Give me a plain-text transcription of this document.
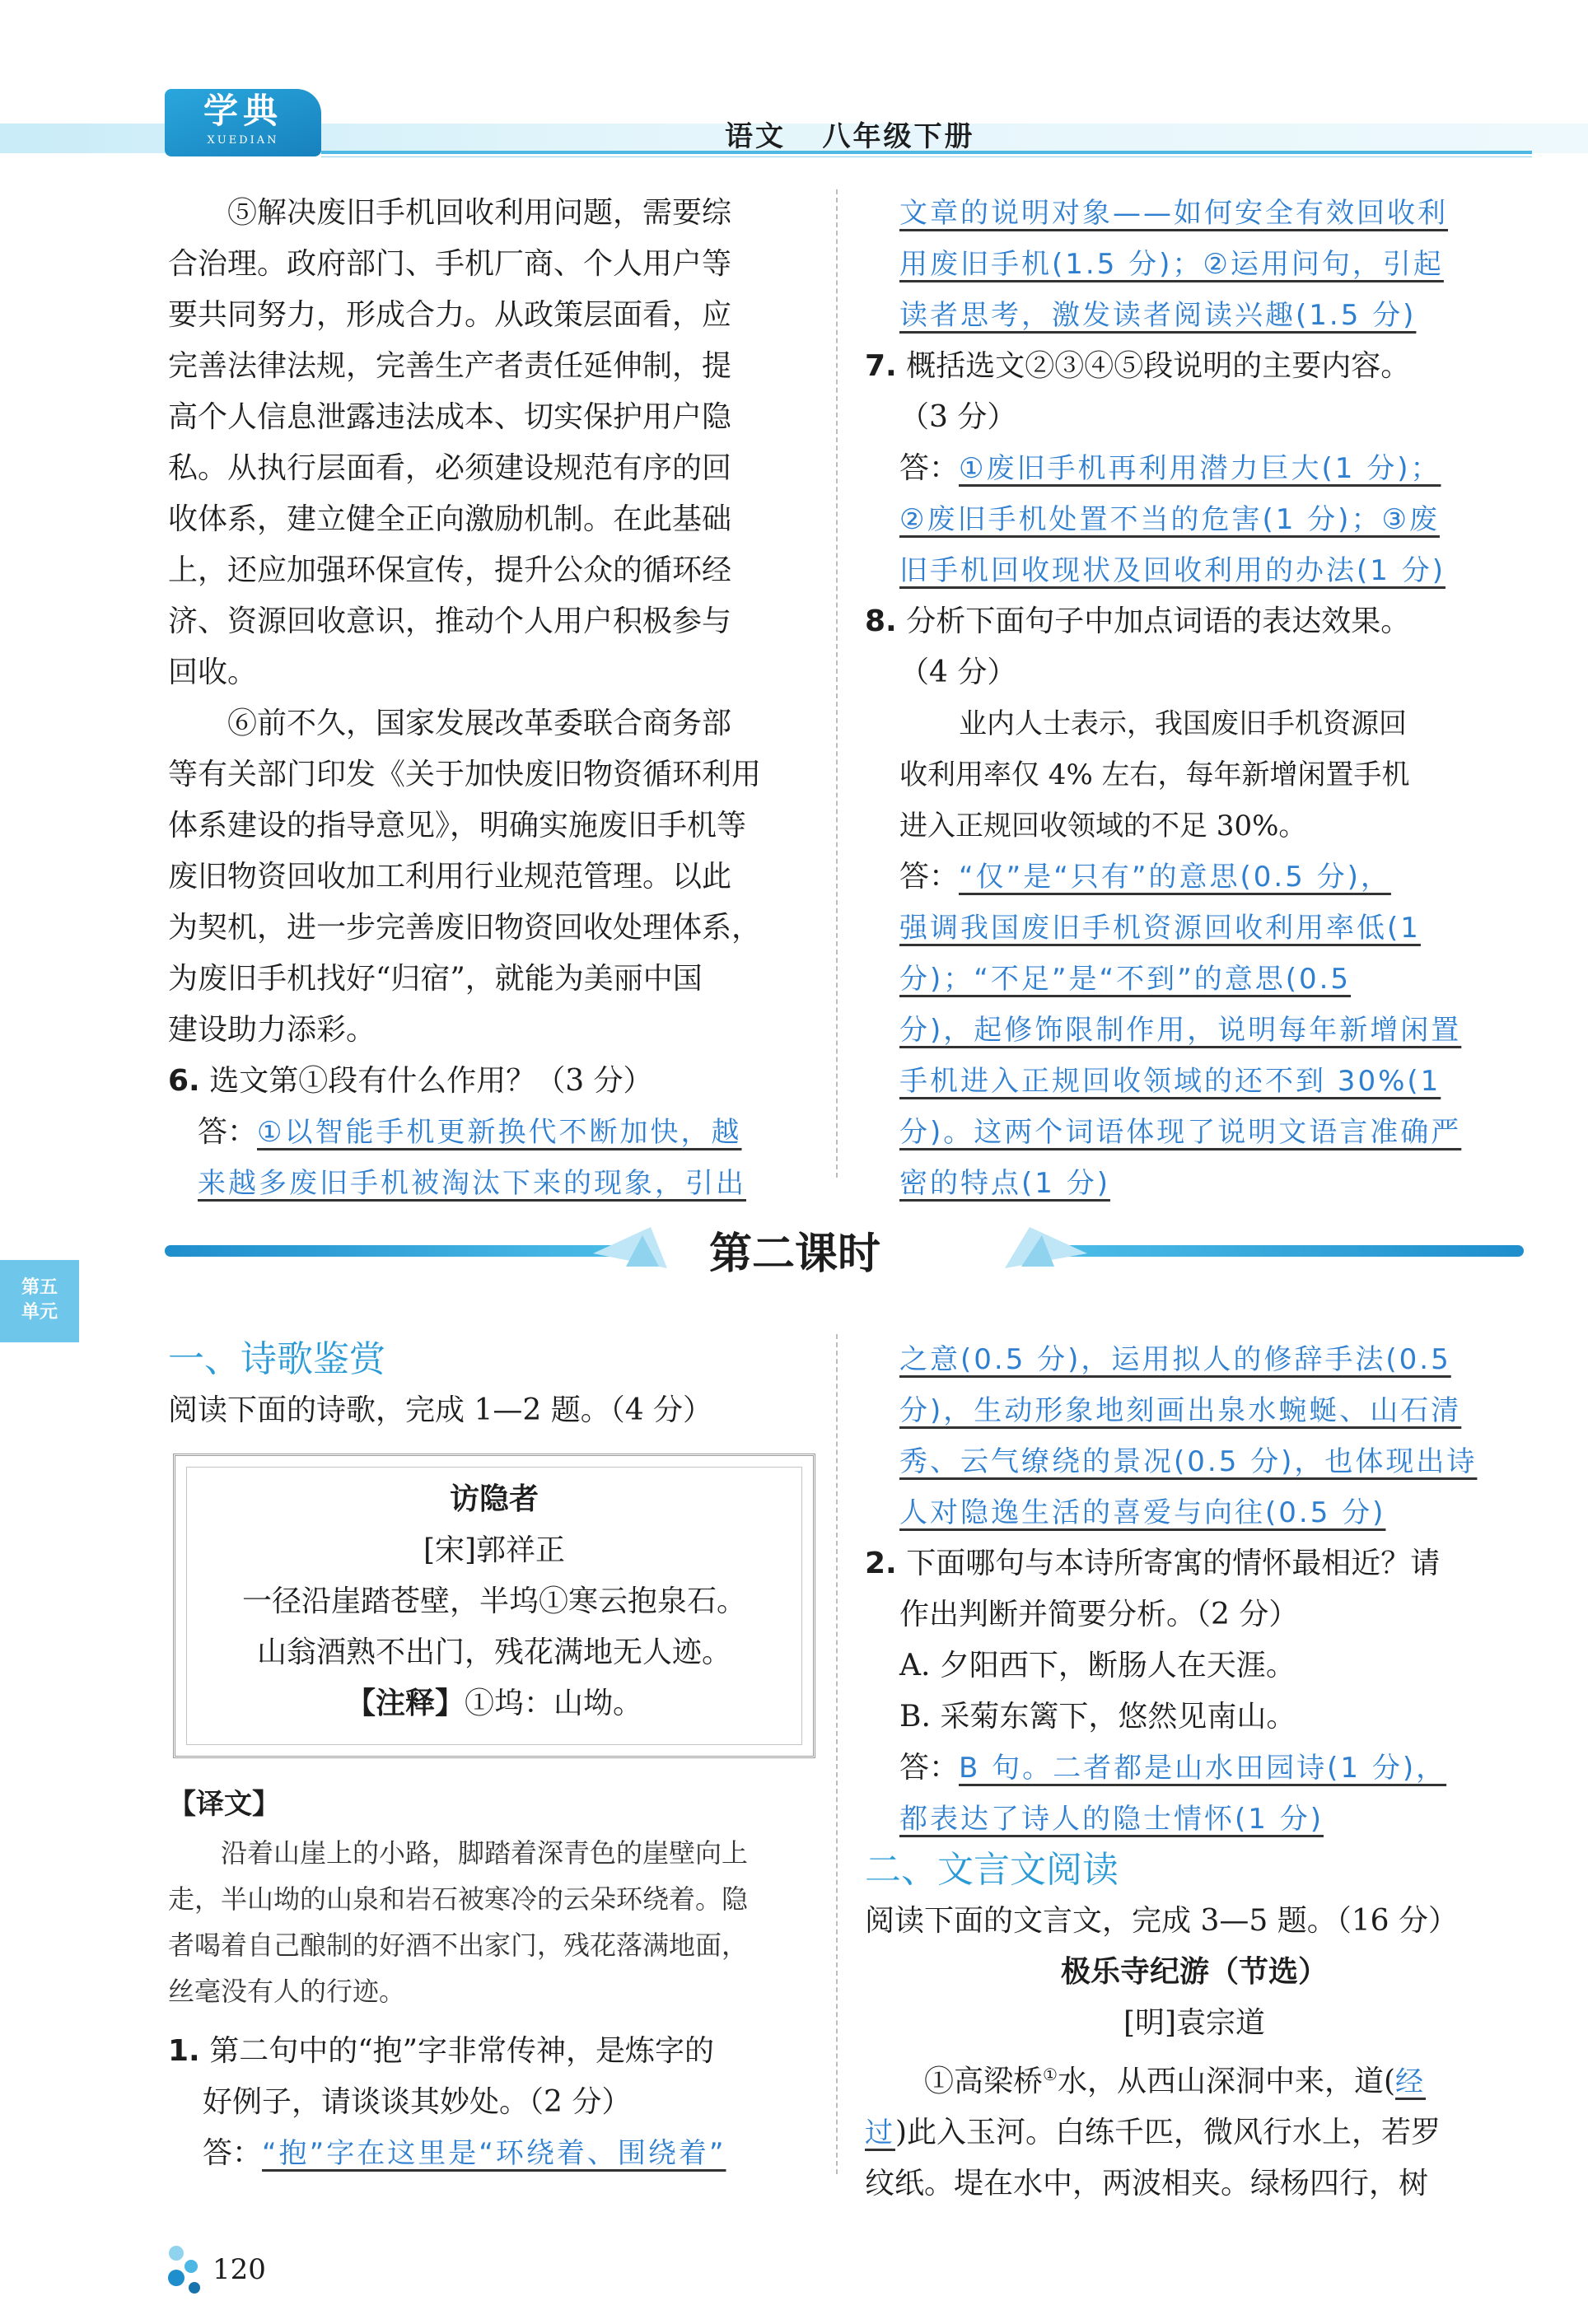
学典
XUEDIAN	语文   八年级下册
⑤解决废旧手机回收利用问题，需要综
合治理。政府部门、手机厂商、个人用户等
要共同努力，形成合力。从政策层面看，应
完善法律法规，完善生产者责任延伸制，提
高个人信息泄露违法成本、切实保护用户隐
私。从执行层面看，必须建设规范有序的回
收体系，建立健全正向激励机制。在此基础
上，还应加强环保宣传，提升公众的循环经
济、资源回收意识，推动个人用户积极参与
回收。
⑥前不久，国家发展改革委联合商务部
等有关部门印发《关于加快废旧物资循环利用
体系建设的指导意见》，明确实施废旧手机等
废旧物资回收加工利用行业规范管理。以此
为契机，进一步完善废旧物资回收处理体系，
为废旧手机找好“归宿”，就能为美丽中国
建设助力添彩。
6. 选文第①段有什么作用？（3 分）
答：①以智能手机更新换代不断加快，越
来越多废旧手机被淘汰下来的现象，引出
文章的说明对象——如何安全有效回收利
用废旧手机(1.5 分)；②运用问句，引起
读者思考，激发读者阅读兴趣(1.5 分)
7. 概括选文②③④⑤段说明的主要内容。
（3 分）
答：①废旧手机再利用潜力巨大(1 分)；
②废旧手机处置不当的危害(1 分)；③废
旧手机回收现状及回收利用的办法(1 分)
8. 分析下面句子中加点词语的表达效果。
（4 分）
业内人士表示，我国废旧手机资源回
收利用率仅 4% 左右，每年新增闲置手机
进入正规回收领域的不足 30%。
答：“仅”是“只有”的意思(0.5 分)，
强调我国废旧手机资源回收利用率低(1
分)；“不足”是“不到”的意思(0.5
分)，起修饰限制作用，说明每年新增闲置
手机进入正规回收领域的还不到 30%(1
分)。这两个词语体现了说明文语言准确严
密的特点(1 分)
第二课时
第五
单元
一、诗歌鉴赏
阅读下面的诗歌，完成 1—2 题。（4 分）
访隐者
[宋]郭祥正
一径沿崖踏苍壁，半坞①寒云抱泉石。
山翁酒熟不出门，残花满地无人迹。
【注释】①坞：山坳。
【译文】
沿着山崖上的小路，脚踏着深青色的崖壁向上
走，半山坳的山泉和岩石被寒冷的云朵环绕着。隐
者喝着自己酿制的好酒不出家门，残花落满地面，
丝毫没有人的行迹。
1. 第二句中的“抱”字非常传神，是炼字的
好例子，请谈谈其妙处。（2 分）
答：“抱”字在这里是“环绕着、围绕着”
之意(0.5 分)，运用拟人的修辞手法(0.5
分)，生动形象地刻画出泉水蜿蜒、山石清
秀、云气缭绕的景况(0.5 分)，也体现出诗
人对隐逸生活的喜爱与向往(0.5 分)
2. 下面哪句与本诗所寄寓的情怀最相近？请
作出判断并简要分析。（2 分）
A. 夕阳西下，断肠人在天涯。
B. 采菊东篱下，悠然见南山。
答：B 句。二者都是山水田园诗(1 分)，
都表达了诗人的隐士情怀(1 分)
二、文言文阅读
阅读下面的文言文，完成 3—5 题。（16 分）
极乐寺纪游（节选）
[明]袁宗道
①高梁桥①水，从西山深洞中来，道(经
过)此入玉河。白练千匹，微风行水上，若罗
纹纸。堤在水中，两波相夹。绿杨四行，树
120
